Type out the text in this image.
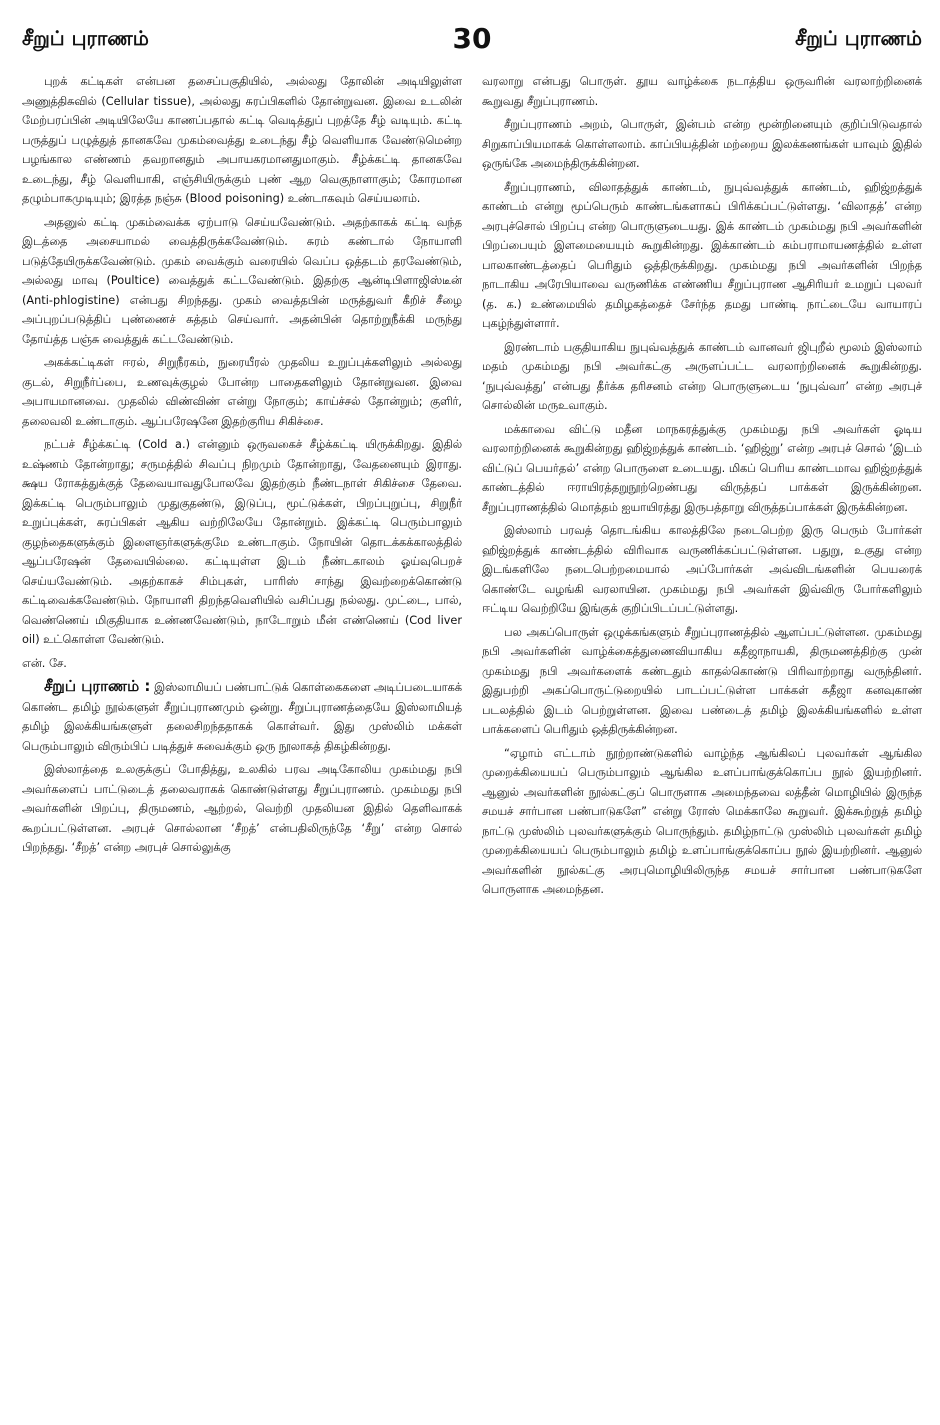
சீறுப் புராணம்	30	சீறுப் புராணம்

புறக் கட்டிகள் என்பன தசைப்பகுதியில், அல்லது தோலின் அடியிலுள்ள அணுத்திசுவில் (Cellular tissue), அல்லது சுரப்பிகளில் தோன்றுவன. இவை உடலின் மேற்பரப்பின் அடியிலேயே காணப்பதால் கட்டி வெடித்துப் புறத்தே சீழ் வடியும். கட்டி பருத்துப் பழுத்துத் தானகவே முகம்வைத்து உடைந்து சீழ் வெளியாக வேண்டுமென்ற பழங்கால எண்ணம் தவறானதும் அபாயகரமானதுமாகும். சீழ்க்கட்டி தானகவே உடைந்து, சீழ் வெளியாகி, எஞ்சியிருக்கும் புண் ஆற வெகுநாளாகும்; கோரமான தழும்பாகமுடியும்; இரத்த நஞ்சு (Blood poisoning) உண்டாகவும் செய்யலாம்.

அதனுல் கட்டி முகம்வைக்க ஏற்பாடு செய்யவேண்டும். அதற்காகக் கட்டி வந்த இடத்தை அசையாமல் வைத்திருக்கவேண்டும். சுரம் கண்டால் நோயாளி படுத்தேயிருக்கவேண்டும். முகம் வைக்கும் வரையில் வெப்ப ஒத்தடம் தரவேண்டும், அல்லது மாவு (Poultice) வைத்துக் கட்டவேண்டும். இதற்கு ஆன்டிபிளாஜிஸ்டீன் (Anti-phlogistine) என்பது சிறந்தது. முகம் வைத்தபின் மருத்துவர் கீறிச் சீழை அப்புறப்படுத்திப் புண்ணைச் சுத்தம் செய்வார். அதன்பின் தொற்றுநீக்கி மருந்து தோய்த்த பஞ்சு வைத்துக் கட்டவேண்டும்.

அகக்கட்டிகள் ஈரல், சிறுநீரகம், நுரையீரல் முதலிய உறுப்புக்களிலும் அல்லது குடல், சிறுநீர்ப்பை, உணவுக்குழல் போன்ற பாதைகளிலும் தோன்றுவன. இவை அபாயமானவை. முதலில் விண்விண் என்று நோகும்; காய்ச்சல் தோன்றும்; குளிர், தலைவலி உண்டாகும். ஆப்பரேஷனே இதற்குரிய சிகிச்சை.

நட்பச் சீழ்க்கட்டி (Cold a.) என்னும் ஒருவகைச் சீழ்க்கட்டி யிருக்கிறது. இதில் உஷ்ணம் தோன்றாது; சருமத்தில் சிவப்பு நிறமும் தோன்றாது, வேதனையும் இராது. க்ஷய ரோகத்துக்குத் தேவையாவதுபோலவே இதற்கும் நீண்டநாள் சிகிச்சை தேவை. இக்கட்டி பெரும்பாலும் முதுகுதண்டு, இடுப்பு, மூட்டுக்கள், பிறப்புறுப்பு, சிறுநீர் உறுப்புக்கள், சுரப்பிகள் ஆகிய வற்றிலேயே தோன்றும். இக்கட்டி பெரும்பாலும் குழந்தைகளுக்கும் இளைஞர்களுக்குமே உண்டாகும். நோயின் தொடக்கக்காலத்தில் ஆப்பரேஷன் தேவையில்லை. கட்டியுள்ள இடம் நீண்டகாலம் ஓய்வுபெறச் செய்யவேண்டும். அதற்காகச் சிம்புகள், பாரிஸ் சாந்து இவற்றைக்கொண்டு கட்டிவைக்கவேண்டும். நோயாளி திறந்தவெளியில் வசிப்பது நல்லது. முட்டை, பால், வெண்ணெய் மிகுதியாக உண்ணவேண்டும், நாடோறும் மீன் எண்ணெய் (Cod liver oil) உட்கொள்ள வேண்டும்.

என். சே.

சீறுப் புராணம் : இஸ்லாமியப் பண்பாட்டுக் கொள்கைகளை அடிப்படையாகக் கொண்ட தமிழ் நூல்களுள் சீறுப்புராணமும் ஒன்று. சீறுப்புராணத்தையே இஸ்லாமியத் தமிழ் இலக்கியங்களுள் தலைசிறந்ததாகக் கொள்வர். இது முஸ்லிம் மக்கள் பெரும்பாலும் விரும்பிப் படித்துச் சுவைக்கும் ஒரு நூலாகத் திகழ்கின்றது.

இஸ்லாத்தை உலகுக்குப் போதித்து, உலகில் பரவ அடிகோலிய முகம்மது நபி அவர்களைப் பாட்டுடைத் தலைவராகக் கொண்டுள்ளது சீறுப்புராணம். முகம்மது நபி அவர்களின் பிறப்பு, திருமணம், ஆற்றல், வெற்றி முதலியன இதில் தெளிவாகக் கூறப்பட்டுள்ளன. அரபுச் சொல்லான ‘சீறத்’ என்பதிலிருந்தே ‘சீறு’ என்ற சொல் பிறந்தது. ‘சீறத்’ என்ற அரபுச் சொல்லுக்கு

வரலாறு என்பது பொருள். தூய வாழ்க்கை நடாத்திய ஒருவரின் வரலாற்றினைக் கூறுவது சீறுப்புராணம்.

சீறுப்புராணம் அறம், பொருள், இன்பம் என்ற மூன்றினையும் குறிப்பிடுவதால் சிறுகாப்பியமாகக் கொள்ளலாம். காப்பியத்தின் மற்றைய இலக்கணங்கள் யாவும் இதில் ஒருங்கே அமைந்திருக்கின்றன.

சீறுப்புராணம், விலாதத்துக் காண்டம், நுபுவ்வத்துக் காண்டம், ஹிஜ்றத்துக் காண்டம் என்று மூப்பெரும் காண்டங்களாகப் பிரிக்கப்பட்டுள்ளது. ‘விலாதத்’ என்ற அரபுச்சொல் பிறப்பு என்ற பொருளுடையது. இக் காண்டம் முகம்மது நபி அவர்களின் பிறப்பையும் இளமையையும் கூறுகின்றது. இக்காண்டம் கம்பராமாயணத்தில் உள்ள பாலகாண்டத்தைப் பெரிதும் ஒத்திருக்கிறது. முகம்மது நபி அவர்களின் பிறந்த நாடாகிய அரேபியாவை வருணிக்க எண்ணிய சீறுப்புராண ஆசிரியர் உமறுப் புலவர் (த. க.) உண்மையில் தமிழகத்தைச் சேர்ந்த தமது பாண்டி நாட்டையே வாயாரப் புகழ்ந்துள்ளார்.

இரண்டாம் பகுதியாகிய நுபுவ்வத்துக் காண்டம் வானவர் ஜிபுறீல் மூலம் இஸ்லாம் மதம் முகம்மது நபி அவர்கட்கு அருளப்பட்ட வரலாற்றினைக் கூறுகின்றது. ‘நுபுவ்வத்து’ என்பது தீர்க்க தரிசனம் என்ற பொருளுடைய ‘நுபுவ்வா’ என்ற அரபுச் சொல்லின் மருஉவாகும்.

மக்காவை விட்டு மதீன மாநகரத்துக்கு முகம்மது நபி அவர்கள் ஓடிய வரலாற்றினைக் கூறுகின்றது ஹிஜ்றத்துக் காண்டம். ‘ஹிஜ்று’ என்ற அரபுச் சொல் ‘இடம் விட்டுப் பெயர்தல்’ என்ற பொருளை உடையது. மிகப் பெரிய காண்டமாவ ஹிஜ்றத்துக் காண்டத்தில் ஈராயிரத்தறுநூற்றெண்பது விருத்தப் பாக்கள் இருக்கின்றன. சீறுப்புராணத்தில் மொத்தம் ஐயாயிரத்து இருபத்தாறு விருத்தப்பாக்கள் இருக்கின்றன.

இஸ்லாம் பரவத் தொடங்கிய காலத்திலே நடைபெற்ற இரு பெரும் போர்கள் ஹிஜ்றத்துக் காண்டத்தில் விரிவாக வருணிக்கப்பட்டுள்ளன. பதுறு, உகுது என்ற இடங்களிலே நடைபெற்றமையால் அப்போர்கள் அவ்விடங்களின் பெயரைக் கொண்டே வழங்கி வரலாயின. முகம்மது நபி அவர்கள் இவ்விரு போர்களிலும் ஈட்டிய வெற்றியே இங்குக் குறிப்பிடப்பட்டுள்ளது.

பல அகப்பொருள் ஒழுக்கங்களும் சீறுப்புராணத்தில் ஆளப்பட்டுள்ளன. முகம்மது நபி அவர்களின் வாழ்க்கைத்துணைவியாகிய கதீஜாநாயகி, திருமணத்திற்கு முன் முகம்மது நபி அவர்களைக் கண்டதும் காதல்கொண்டு பிரிவாற்றாது வருந்தினர். இதுபற்றி அகப்பொருட்டுறையில் பாடப்பட்டுள்ள பாக்கள் கதீஜா கனவுகாண் படலத்தில் இடம் பெற்றுள்ளன. இவை பண்டைத் தமிழ் இலக்கியங்களில் உள்ள பாக்களைப் பெரிதும் ஒத்திருக்கின்றன.

“ஏழாம் எட்டாம் நூற்றாண்டுகளில் வாழ்ந்த ஆங்கிலப் புலவர்கள் ஆங்கில முறைக்கியையப் பெரும்பாலும் ஆங்கில உளப்பாங்குக்கொப்ப நூல் இயற்றினர். ஆனுல் அவர்களின் நூல்கட்குப் பொருளாக அமைந்தவை லத்தீன் மொழியில் இருந்த சமயச் சார்பான பண்பாடுகளே” என்று ரோஸ் மெக்காலே கூறுவர். இக்கூற்றுத் தமிழ் நாட்டு முஸ்லிம் புலவர்களுக்கும் பொருந்தும். தமிழ்நாட்டு முஸ்லிம் புலவர்கள் தமிழ் முறைக்கியையப் பெரும்பாலும் தமிழ் உளப்பாங்குக்கொப்ப நூல் இயற்றினர். ஆனுல் அவர்களின் நூல்கட்கு அரபுமொழியிலிருந்த சமயச் சார்பான பண்பாடுகளே பொருளாக அமைந்தன.
